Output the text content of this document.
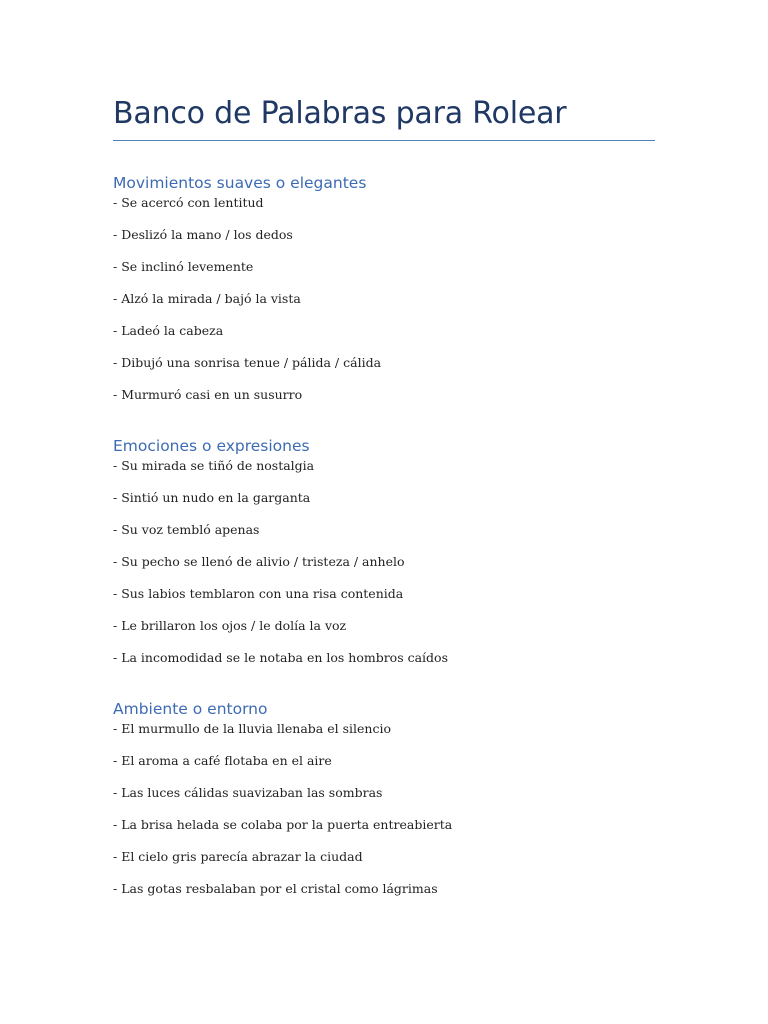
Banco de Palabras para Rolear
Movimientos suaves o elegantes
- Se acercó con lentitud
- Deslizó la mano / los dedos
- Se inclinó levemente
- Alzó la mirada / bajó la vista
- Ladeó la cabeza
- Dibujó una sonrisa tenue / pálida / cálida
- Murmuró casi en un susurro
Emociones o expresiones
- Su mirada se tiñó de nostalgia
- Sintió un nudo en la garganta
- Su voz tembló apenas
- Su pecho se llenó de alivio / tristeza / anhelo
- Sus labios temblaron con una risa contenida
- Le brillaron los ojos / le dolía la voz
- La incomodidad se le notaba en los hombros caídos
Ambiente o entorno
- El murmullo de la lluvia llenaba el silencio
- El aroma a café flotaba en el aire
- Las luces cálidas suavizaban las sombras
- La brisa helada se colaba por la puerta entreabierta
- El cielo gris parecía abrazar la ciudad
- Las gotas resbalaban por el cristal como lágrimas
